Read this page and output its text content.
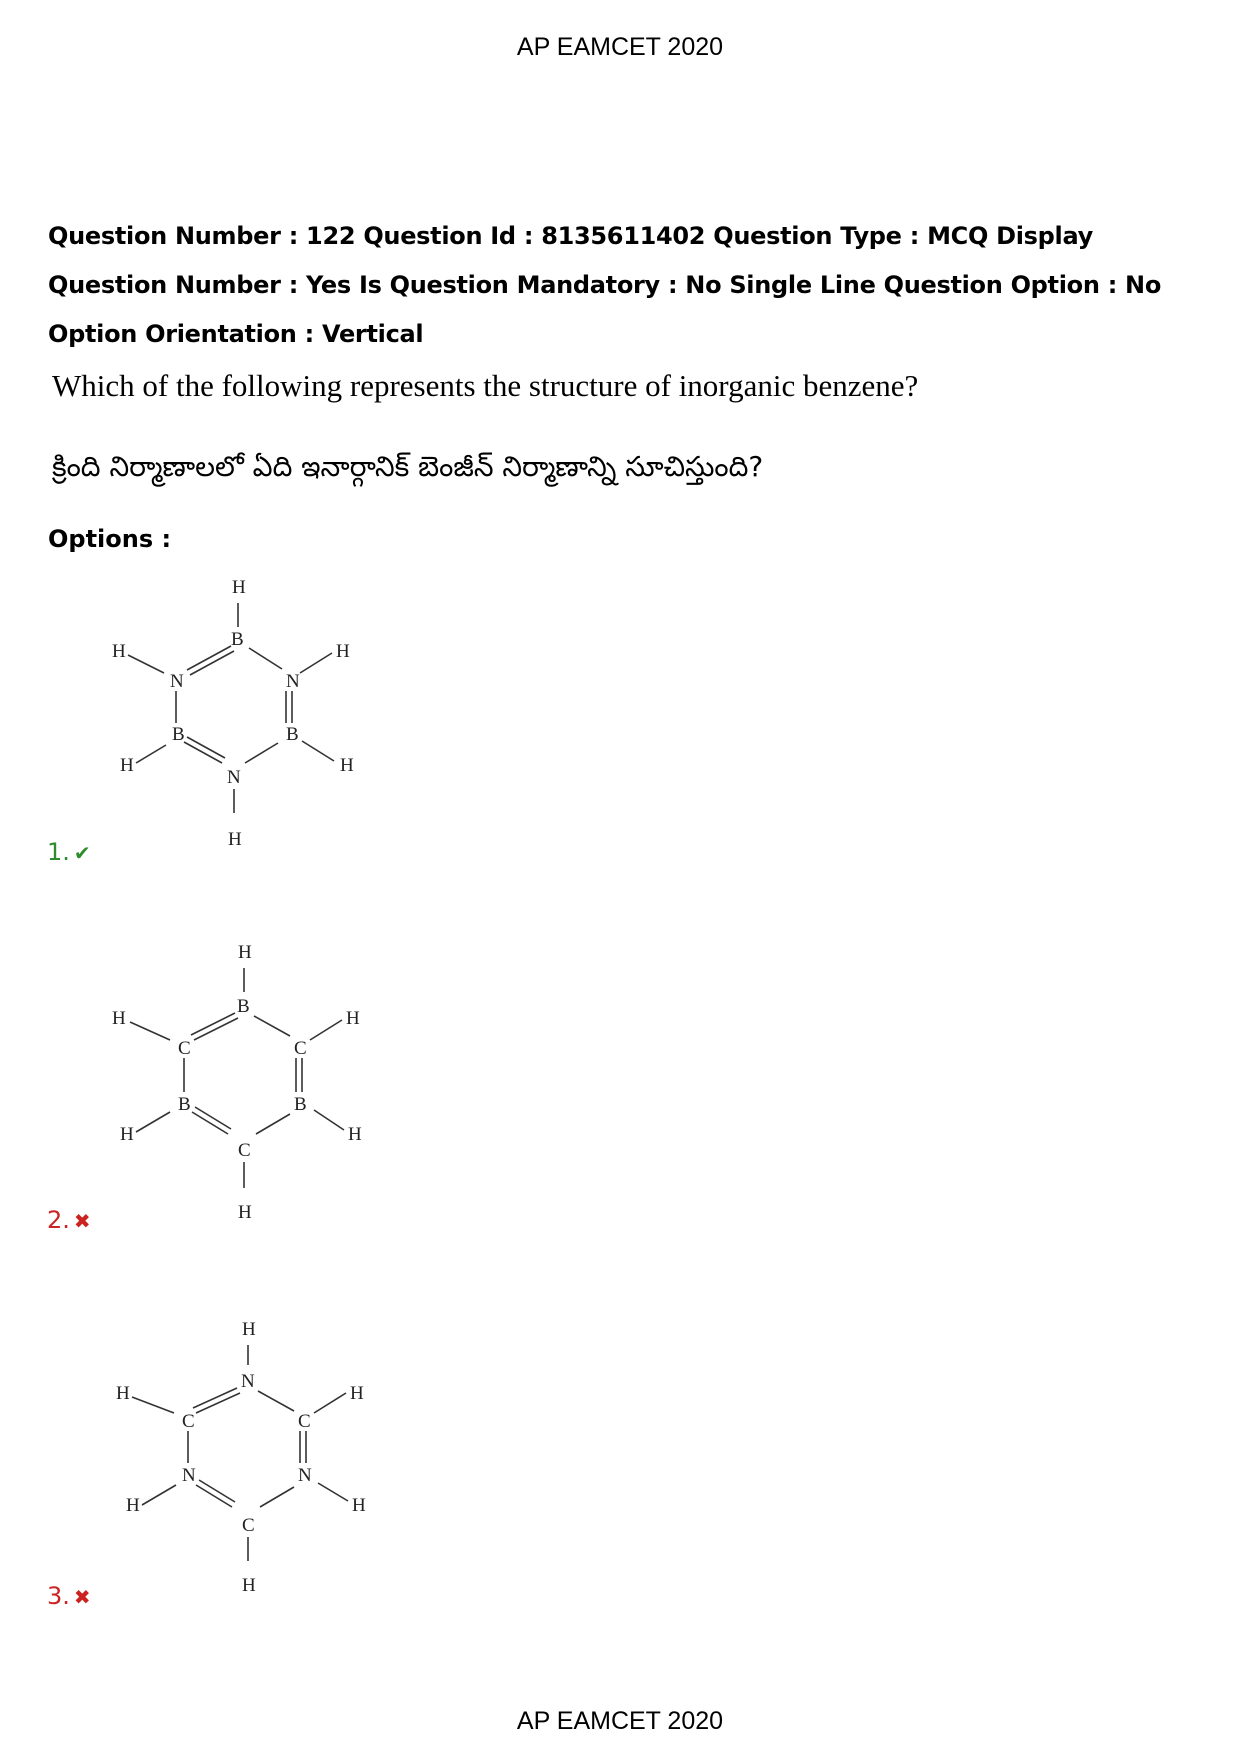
AP EAMCET 2020
Question Number : 122 Question Id : 8135611402 Question Type : MCQ Display Question Number : Yes Is Question Mandatory : No Single Line Question Option : No Option Orientation : Vertical
Which of the following represents the structure of inorganic benzene?
క్రింది నిర్మాణాలలో ఏది ఇనార్గానిక్ బెంజీన్ నిర్మాణాన్ని సూచిస్తుంది?
Options :
H
B
N	N
B	B
N
H	H
H	H
H
H
B
C	C
B	B
C
H	H
H	H
H
H
N
C	C
N	N
C
H	H
H	H
H
1. ✔
2. ✖
3. ✖
AP EAMCET 2020
